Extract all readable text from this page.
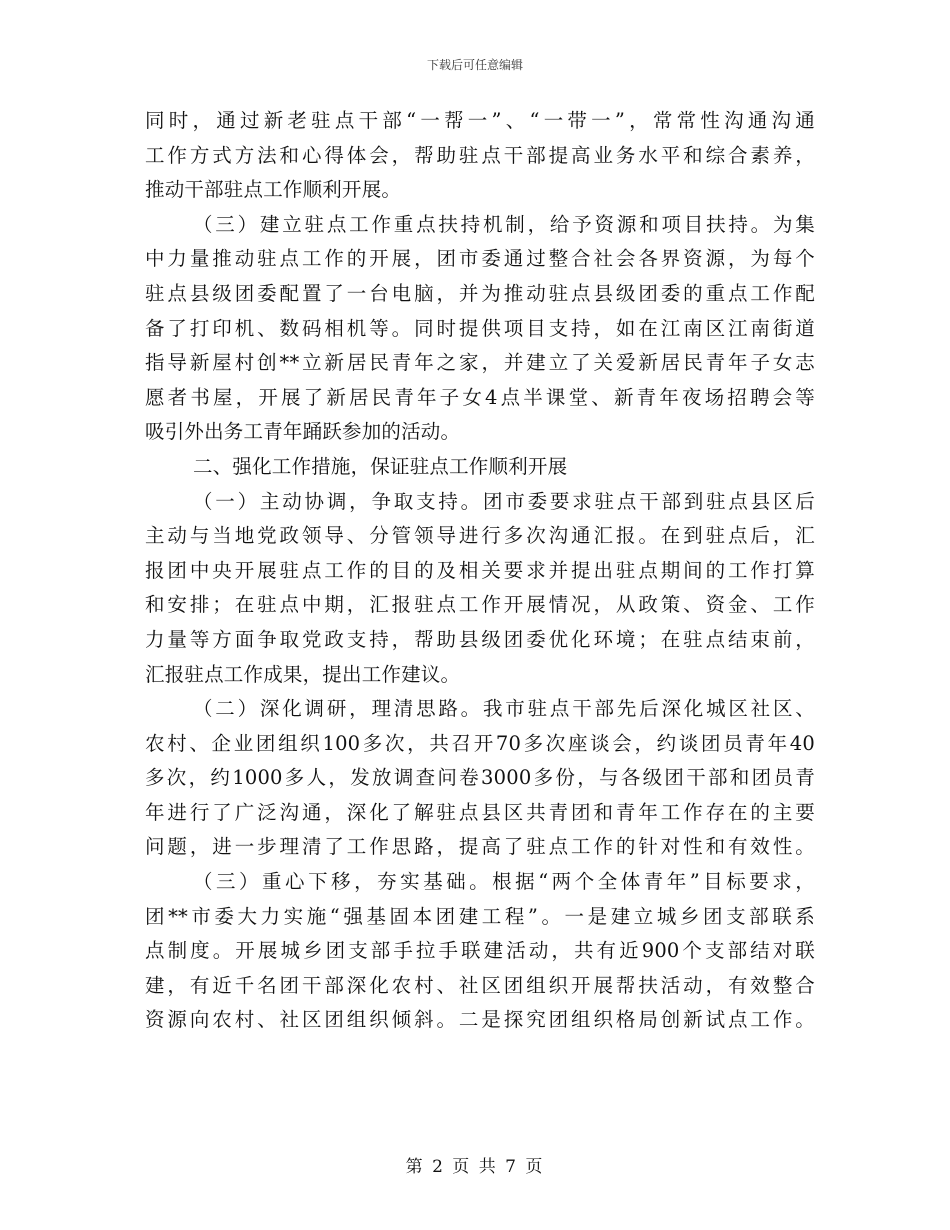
下载后可任意编辑
同时，通过新老驻点干部“一帮一”、“一带一”，常常性沟通沟通
工作方式方法和心得体会，帮助驻点干部提高业务水平和综合素养，
推动干部驻点工作顺利开展。
（三）建立驻点工作重点扶持机制，给予资源和项目扶持。为集
中力量推动驻点工作的开展，团市委通过整合社会各界资源，为每个
驻点县级团委配置了一台电脑，并为推动驻点县级团委的重点工作配
备了打印机、数码相机等。同时提供项目支持，如在江南区江南街道
指导新屋村创**立新居民青年之家，并建立了关爱新居民青年子女志
愿者书屋，开展了新居民青年子女4点半课堂、新青年夜场招聘会等
吸引外出务工青年踊跃参加的活动。
二、强化工作措施，保证驻点工作顺利开展
（一）主动协调，争取支持。团市委要求驻点干部到驻点县区后
主动与当地党政领导、分管领导进行多次沟通汇报。在到驻点后，汇
报团中央开展驻点工作的目的及相关要求并提出驻点期间的工作打算
和安排；在驻点中期，汇报驻点工作开展情况，从政策、资金、工作
力量等方面争取党政支持，帮助县级团委优化环境；在驻点结束前，
汇报驻点工作成果，提出工作建议。
（二）深化调研，理清思路。我市驻点干部先后深化城区社区、
农村、企业团组织100多次，共召开70多次座谈会，约谈团员青年40
多次，约1000多人，发放调查问卷3000多份，与各级团干部和团员青
年进行了广泛沟通，深化了解驻点县区共青团和青年工作存在的主要
问题，进一步理清了工作思路，提高了驻点工作的针对性和有效性。
（三）重心下移，夯实基础。根据“两个全体青年”目标要求，
团**市委大力实施“强基固本团建工程”。一是建立城乡团支部联系
点制度。开展城乡团支部手拉手联建活动，共有近900个支部结对联
建，有近千名团干部深化农村、社区团组织开展帮扶活动，有效整合
资源向农村、社区团组织倾斜。二是探究团组织格局创新试点工作。
第 2 页 共 7 页
